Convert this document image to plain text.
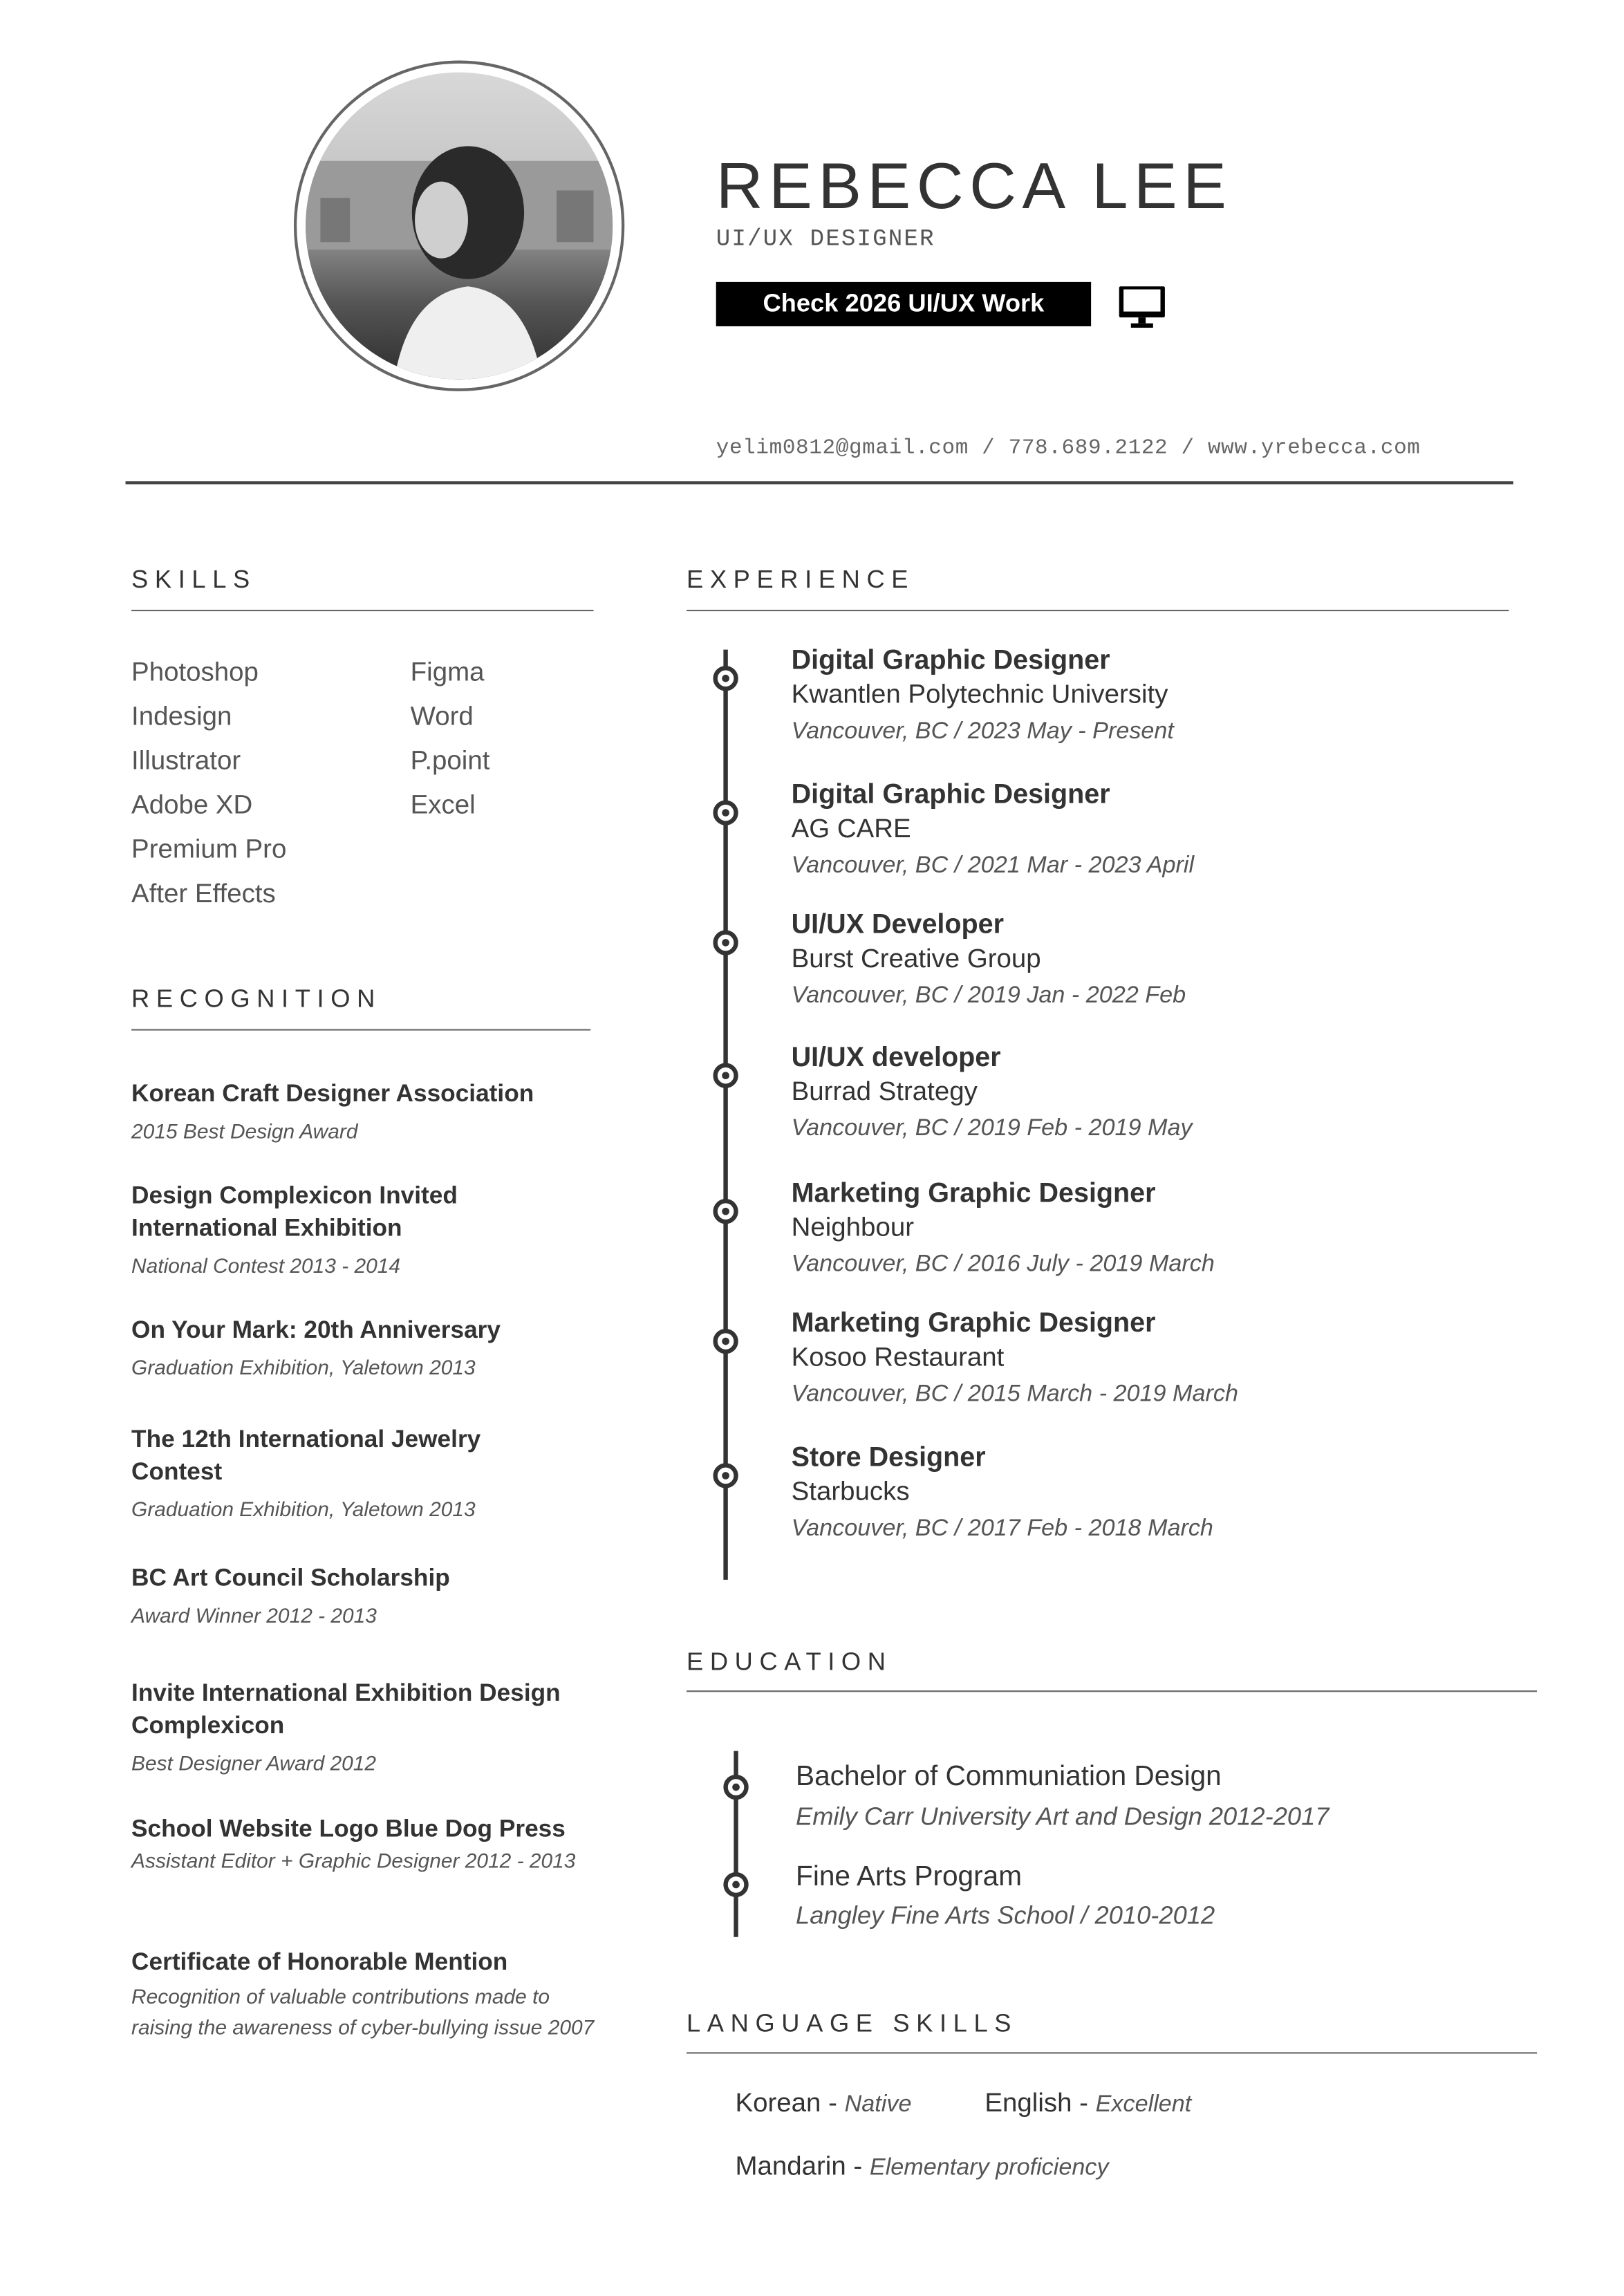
REBECCA LEE
UI/UX DESIGNER
Check 2026 UI/UX Work
yelim0812@gmail.com / 778.689.2122 / www.yrebecca.com
SKILLS
Photoshop
Indesign
Illustrator
Adobe XD
Premium Pro
After Effects
Figma
Word
P.point
Excel
RECOGNITION
Korean Craft Designer Association
2015 Best Design Award
Design Complexicon Invited International Exhibition
National Contest 2013 - 2014
On Your Mark: 20th Anniversary
Graduation Exhibition, Yaletown 2013
The 12th International Jewelry Contest
Graduation Exhibition, Yaletown 2013
BC Art Council Scholarship
Award Winner 2012 - 2013
Invite International Exhibition Design Complexicon
Best Designer Award 2012
School Website Logo Blue Dog Press
Assistant Editor + Graphic Designer 2012 - 2013
Certificate of Honorable Mention
Recognition of valuable contributions made to raising the awareness of cyber-bullying issue 2007
EXPERIENCE
Digital Graphic Designer
Kwantlen Polytechnic University
Vancouver, BC / 2023 May - Present
Digital Graphic Designer
AG CARE
Vancouver, BC / 2021 Mar - 2023 April
UI/UX Developer
Burst Creative Group
Vancouver, BC / 2019 Jan - 2022 Feb
UI/UX developer
Burrad Strategy
Vancouver, BC / 2019 Feb - 2019 May
Marketing Graphic Designer
Neighbour
Vancouver, BC / 2016 July - 2019 March
Marketing Graphic Designer
Kosoo Restaurant
Vancouver, BC / 2015 March - 2019 March
Store Designer
Starbucks
Vancouver, BC / 2017 Feb - 2018 March
EDUCATION
Bachelor of Communiation Design
Emily Carr University Art and Design 2012-2017
Fine Arts Program
Langley Fine Arts School / 2010-2012
LANGUAGE SKILLS
Korean - Native	English - Excellent
Mandarin - Elementary proficiency
